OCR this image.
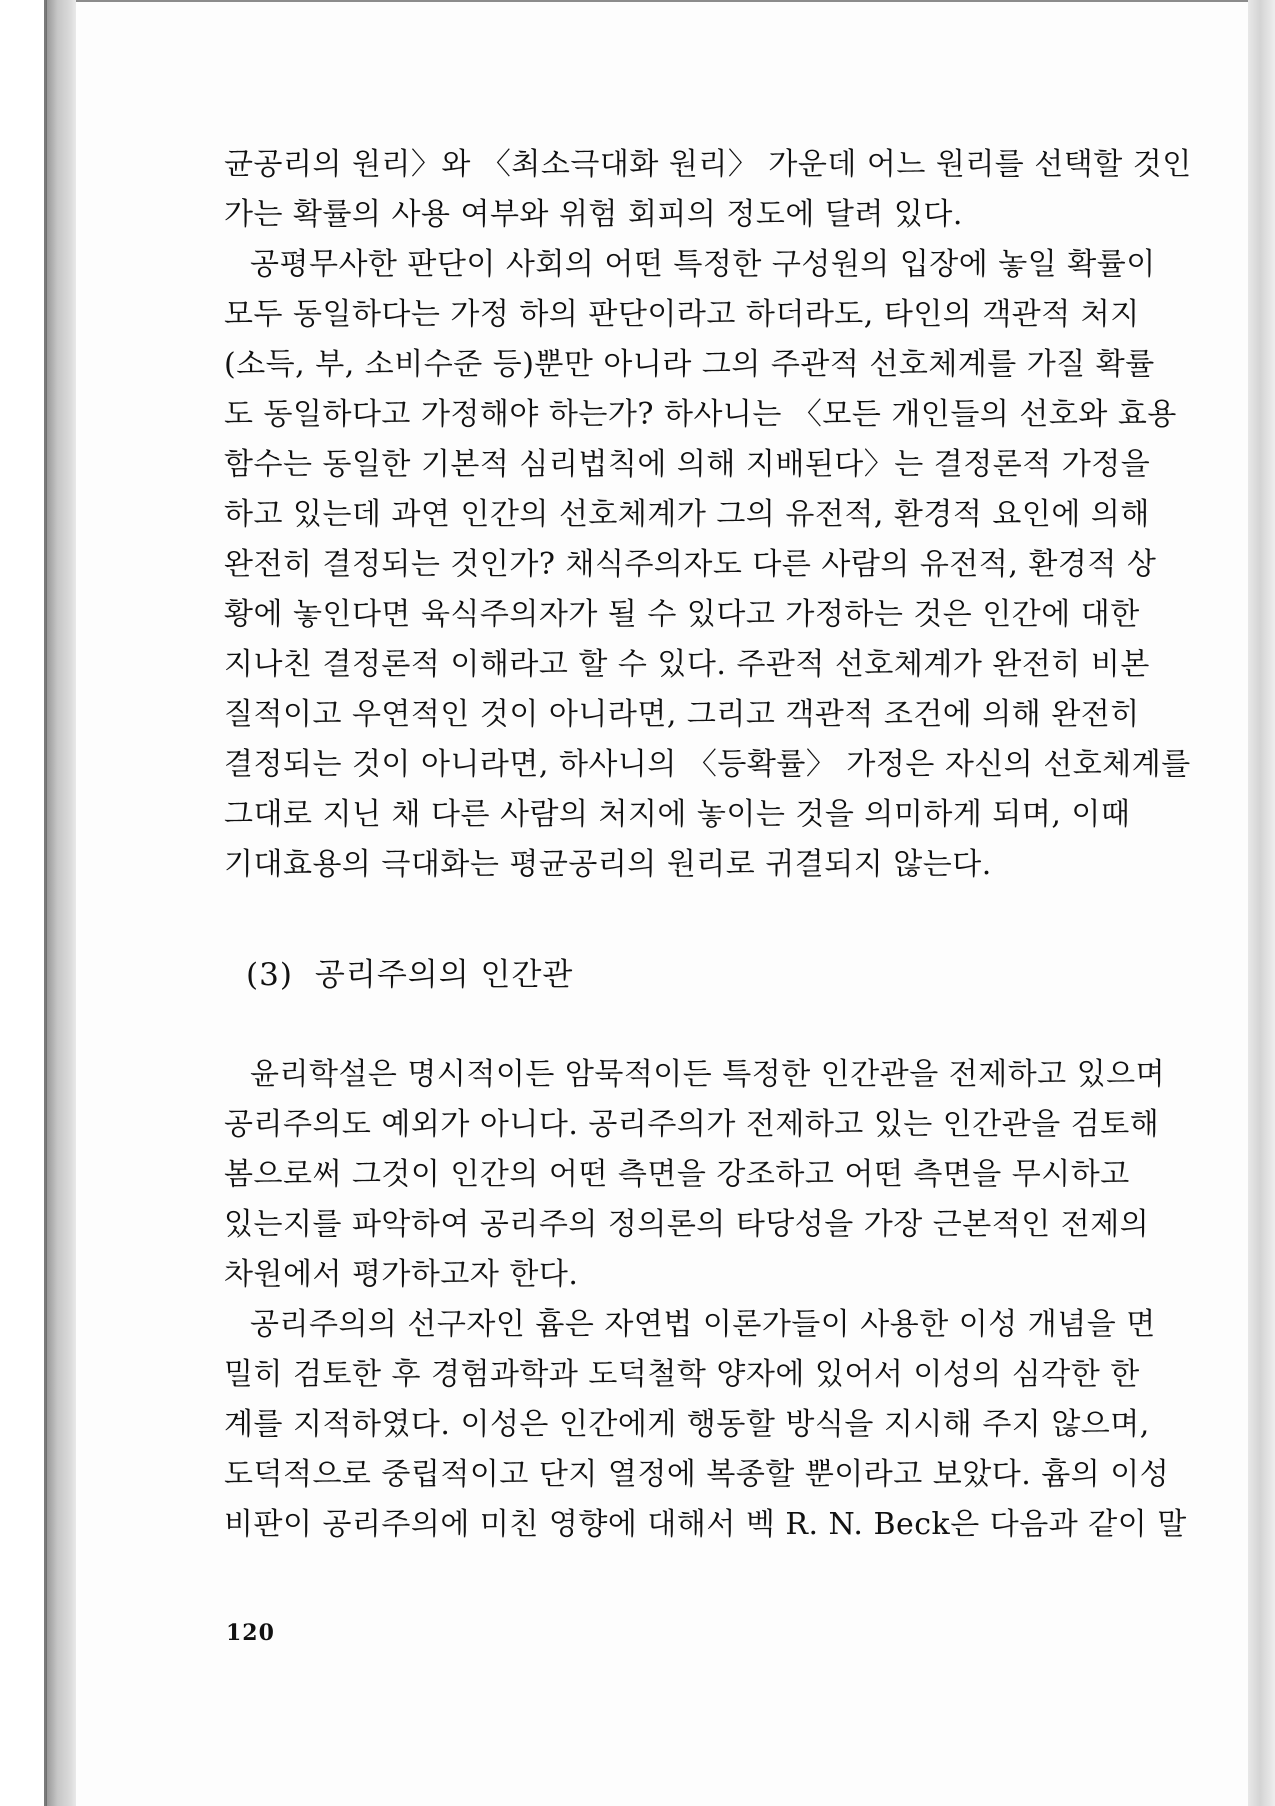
균공리의 원리〉와 〈최소극대화 원리〉 가운데 어느 원리를 선택할 것인
가는 확률의 사용 여부와 위험 회피의 정도에 달려 있다.
공평무사한 판단이 사회의 어떤 특정한 구성원의 입장에 놓일 확률이
모두 동일하다는 가정 하의 판단이라고 하더라도, 타인의 객관적 처지
(소득, 부, 소비수준 등)뿐만 아니라 그의 주관적 선호체계를 가질 확률
도 동일하다고 가정해야 하는가? 하사니는 〈모든 개인들의 선호와 효용
함수는 동일한 기본적 심리법칙에 의해 지배된다〉는 결정론적 가정을
하고 있는데 과연 인간의 선호체계가 그의 유전적, 환경적 요인에 의해
완전히 결정되는 것인가? 채식주의자도 다른 사람의 유전적, 환경적 상
황에 놓인다면 육식주의자가 될 수 있다고 가정하는 것은 인간에 대한
지나친 결정론적 이해라고 할 수 있다. 주관적 선호체계가 완전히 비본
질적이고 우연적인 것이 아니라면, 그리고 객관적 조건에 의해 완전히
결정되는 것이 아니라면, 하사니의 〈등확률〉 가정은 자신의 선호체계를
그대로 지닌 채 다른 사람의 처지에 놓이는 것을 의미하게 되며, 이때
기대효용의 극대화는 평균공리의 원리로 귀결되지 않는다.
(3) 공리주의의 인간관
윤리학설은 명시적이든 암묵적이든 특정한 인간관을 전제하고 있으며
공리주의도 예외가 아니다. 공리주의가 전제하고 있는 인간관을 검토해
봄으로써 그것이 인간의 어떤 측면을 강조하고 어떤 측면을 무시하고
있는지를 파악하여 공리주의 정의론의 타당성을 가장 근본적인 전제의
차원에서 평가하고자 한다.
공리주의의 선구자인 흄은 자연법 이론가들이 사용한 이성 개념을 면
밀히 검토한 후 경험과학과 도덕철학 양자에 있어서 이성의 심각한 한
계를 지적하였다. 이성은 인간에게 행동할 방식을 지시해 주지 않으며,
도덕적으로 중립적이고 단지 열정에 복종할 뿐이라고 보았다. 흄의 이성
비판이 공리주의에 미친 영향에 대해서 벡 R. N. Beck은 다음과 같이 말
120
